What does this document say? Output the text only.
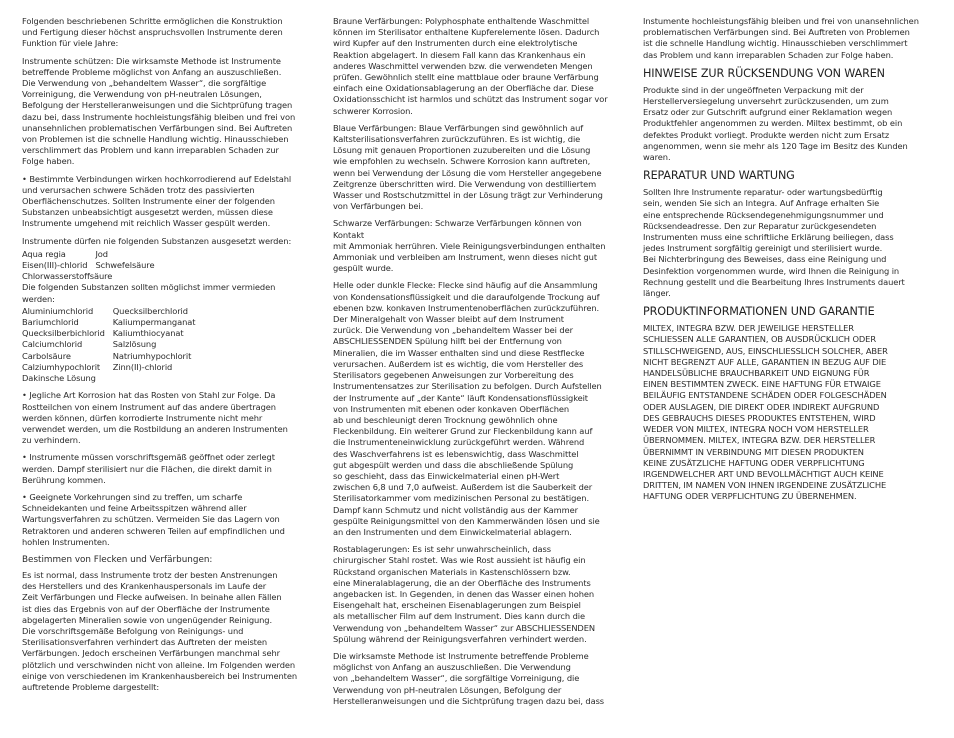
Folgenden beschriebenen Schritte ermöglichen die Konstruktion
und Fertigung dieser höchst anspruchsvollen Instrumente deren
Funktion für viele Jahre:

Instrumente schützen: Die wirksamste Methode ist Instrumente
betreffende Probleme möglichst von Anfang an auszuschließen.
Die Verwendung von „behandeltem Wasser“, die sorgfältige
Vorreinigung, die Verwendung von pH-neutralen Lösungen,
Befolgung der Herstelleranweisungen und die Sichtprüfung tragen
dazu bei, dass Instrumente hochleistungsfähig bleiben und frei von
unansehnlichen problematischen Verfärbungen sind. Bei Auftreten
von Problemen ist die schnelle Handlung wichtig. Hinausschieben
verschlimmert das Problem und kann irreparablen Schaden zur
Folge haben.

• Bestimmte Verbindungen wirken hochkorrodierend auf Edelstahl
und verursachen schwere Schäden trotz des passivierten
Oberflächenschutzes. Sollten Instrumente einer der folgenden
Substanzen unbeabsichtigt ausgesetzt werden, müssen diese
Instrumente umgehend mit reichlich Wasser gespült werden.

Instrumente dürfen nie folgenden Substanzen ausgesetzt werden:

Aqua regia	Jod
Eisen(III)-chlorid	Schwefelsäure
Chlorwasserstoffsäure

Die folgenden Substanzen sollten möglichst immer vermieden
werden:

Aluminiumchlorid	Quecksilberchlorid
Bariumchlorid	Kaliumpermanganat
Quecksilberbichlorid	Kaliumthiocyanat
Calciumchlorid	Salzlösung
Carbolsäure	Natriumhypochlorit
Calziumhypochlorit	Zinn(II)-chlorid
Dakinsche Lösung

• Jegliche Art Korrosion hat das Rosten von Stahl zur Folge. Da
Rostteilchen von einem Instrument auf das andere übertragen
werden können, dürfen korrodierte Instrumente nicht mehr
verwendet werden, um die Rostbildung an anderen Instrumenten
zu verhindern.

• Instrumente müssen vorschriftsgemäß geöffnet oder zerlegt
werden. Dampf sterilisiert nur die Flächen, die direkt damit in
Berührung kommen.

• Geeignete Vorkehrungen sind zu treffen, um scharfe
Schneidekanten und feine Arbeitsspitzen während aller
Wartungsverfahren zu schützen. Vermeiden Sie das Lagern von
Retraktoren und anderen schweren Teilen auf empfindlichen und
hohlen Instrumenten.

Bestimmen von Flecken und Verfärbungen:

Es ist normal, dass Instrumente trotz der besten Anstrenungen
des Herstellers und des Krankenhauspersonals im Laufe der
Zeit Verfärbungen und Flecke aufweisen. In beinahe allen Fällen
ist dies das Ergebnis von auf der Oberfläche der Instrumente
abgelagerten Mineralien sowie von ungenügender Reinigung.
Die vorschriftsgemäße Befolgung von Reinigungs- und
Sterilisationsverfahren verhindert das Auftreten der meisten
Verfärbungen. Jedoch erscheinen Verfärbungen manchmal sehr
plötzlich und verschwinden nicht von alleine. Im Folgenden werden
einige von verschiedenen im Krankenhausbereich bei Instrumenten
auftretende Probleme dargestellt:

Braune Verfärbungen: Polyphosphate enthaltende Waschmittel
können im Sterilisator enthaltene Kupferelemente lösen. Dadurch
wird Kupfer auf den Instrumenten durch eine elektrolytische
Reaktion abgelagert. In diesem Fall kann das Krankenhaus ein
anderes Waschmittel verwenden bzw. die verwendeten Mengen
prüfen. Gewöhnlich stellt eine mattblaue oder braune Verfärbung
einfach eine Oxidationsablagerung an der Oberfläche dar. Diese
Oxidationsschicht ist harmlos und schützt das Instrument sogar vor
schwerer Korrosion.

Blaue Verfärbungen: Blaue Verfärbungen sind gewöhnlich auf
Kaltsterilisationsverfahren zurückzuführen. Es ist wichtig, die
Lösung mit genauen Proportionen zuzubereiten und die Lösung
wie empfohlen zu wechseln. Schwere Korrosion kann auftreten,
wenn bei Verwendung der Lösung die vom Hersteller angegebene
Zeitgrenze überschritten wird. Die Verwendung von destilliertem
Wasser und Rostschutzmittel in der Lösung trägt zur Verhinderung
von Verfärbungen bei.

Schwarze Verfärbungen: Schwarze Verfärbungen können von Kontakt
mit Ammoniak herrühren. Viele Reinigungsverbindungen enthalten
Ammoniak und verbleiben am Instrument, wenn dieses nicht gut
gespült wurde.

Helle oder dunkle Flecke: Flecke sind häufig auf die Ansammlung
von Kondensationsflüssigkeit und die daraufolgende Trockung auf
ebenen bzw. konkaven Instrumentenoberflächen zurückzuführen.
Der Mineralgehalt von Wasser bleibt auf dem Instrument
zurück. Die Verwendung von „behandeltem Wasser bei der
ABSCHLIESSENDEN Spülung hilft bei der Entfernung von
Mineralien, die im Wasser enthalten sind und diese Restflecke
verursachen. Außerdem ist es wichtig, die vom Hersteller des
Sterilisators gegebenen Anweisungen zur Vorbereitung des
Instrumentensatzes zur Sterilisation zu befolgen. Durch Aufstellen
der Instrumente auf „der Kante“ läuft Kondensationsflüssigkeit
von Instrumenten mit ebenen oder konkaven Oberflächen
ab und beschleunigt deren Trocknung gewöhnlich ohne
Fleckenbildung. Ein weiterer Grund zur Fleckenbildung kann auf
die Instrumenteneinwicklung zurückgeführt werden. Während
des Waschverfahrens ist es lebenswichtig, dass Waschmittel
gut abgespült werden und dass die abschließende Spülung
so geschieht, dass das Einwickelmaterial einen pH-Wert
zwischen 6,8 und 7,0 aufweist. Außerdem ist die Sauberkeit der
Sterilisatorkammer vom medizinischen Personal zu bestätigen.
Dampf kann Schmutz und nicht vollständig aus der Kammer
gespülte Reinigungsmittel von den Kammerwänden lösen und sie
an den Instrumenten und dem Einwickelmaterial ablagern.

Rostablagerungen: Es ist sehr unwahrscheinlich, dass
chirurgischer Stahl rostet. Was wie Rost aussieht ist häufig ein
Rückstand organischen Materials in Kastenschlössern bzw.
eine Mineralablagerung, die an der Oberfläche des Instruments
angebacken ist. In Gegenden, in denen das Wasser einen hohen
Eisengehalt hat, erscheinen Eisenablagerungen zum Beispiel
als metallischer Film auf dem Instrument. Dies kann durch die
Verwendung von „behandeltem Wasser“ zur ABSCHLIESSENDEN
Spülung während der Reinigungsverfahren verhindert werden.

Die wirksamste Methode ist Instrumente betreffende Probleme
möglichst von Anfang an auszuschließen. Die Verwendung
von „behandeltem Wasser“, die sorgfältige Vorreinigung, die
Verwendung von pH-neutralen Lösungen, Befolgung der
Herstelleranweisungen und die Sichtprüfung tragen dazu bei, dass

Instumente hochleistungsfähig bleiben und frei von unansehnlichen
problematischen Verfärbungen sind. Bei Auftreten von Problemen
ist die schnelle Handlung wichtig. Hinausschieben verschlimmert
das Problem und kann irreparablen Schaden zur Folge haben.

HINWEISE ZUR RÜCKSENDUNG VON WAREN

Produkte sind in der ungeöffneten Verpackung mit der
Herstellerversiegelung unversehrt zurückzusenden, um zum
Ersatz oder zur Gutschrift aufgrund einer Reklamation wegen
Produktfehler angenommen zu werden. Miltex bestimmt, ob ein
defektes Produkt vorliegt. Produkte werden nicht zum Ersatz
angenommen, wenn sie mehr als 120 Tage im Besitz des Kunden
waren.

REPARATUR UND WARTUNG

Sollten Ihre Instrumente reparatur- oder wartungsbedürftig
sein, wenden Sie sich an Integra. Auf Anfrage erhalten Sie
eine entsprechende Rücksendegenehmigungsnummer und
Rücksendeadresse. Den zur Reparatur zurückgesendeten
Instrumenten muss eine schriftliche Erklärung beiliegen, dass
jedes Instrument sorgfältig gereinigt und sterilisiert wurde.
Bei Nichterbringung des Beweises, dass eine Reinigung und
Desinfektion vorgenommen wurde, wird Ihnen die Reinigung in
Rechnung gestellt und die Bearbeitung Ihres Instruments dauert
länger.

PRODUKTINFORMATIONEN UND GARANTIE

MILTEX, INTEGRA BZW. DER JEWEILIGE HERSTELLER
SCHLIESSEN ALLE GARANTIEN, OB AUSDRÜCKLICH ODER
STILLSCHWEIGEND, AUS, EINSCHLIESSLICH SOLCHER, ABER
NICHT BEGRENZT AUF ALLE, GARANTIEN IN BEZUG AUF DIE
HANDELSÜBLICHE BRAUCHBARKEIT UND EIGNUNG FÜR
EINEN BESTIMMTEN ZWECK. EINE HAFTUNG FÜR ETWAIGE
BEILÄUFIG ENTSTANDENE SCHÄDEN ODER FOLGESCHÄDEN
ODER AUSLAGEN, DIE DIREKT ODER INDIREKT AUFGRUND
DES GEBRAUCHS DIESES PRODUKTES ENTSTEHEN, WIRD
WEDER VON MILTEX, INTEGRA NOCH VOM HERSTELLER
ÜBERNOMMEN. MILTEX, INTEGRA BZW. DER HERSTELLER
ÜBERNIMMT IN VERBINDUNG MIT DIESEN PRODUKTEN
KEINE ZUSÄTZLICHE HAFTUNG ODER VERPFLICHTUNG
IRGENDWELCHER ART UND BEVOLLMÄCHTIGT AUCH KEINE
DRITTEN, IM NAMEN VON IHNEN IRGENDEINE ZUSÄTZLICHE
HAFTUNG ODER VERPFLICHTUNG ZU ÜBERNEHMEN.
